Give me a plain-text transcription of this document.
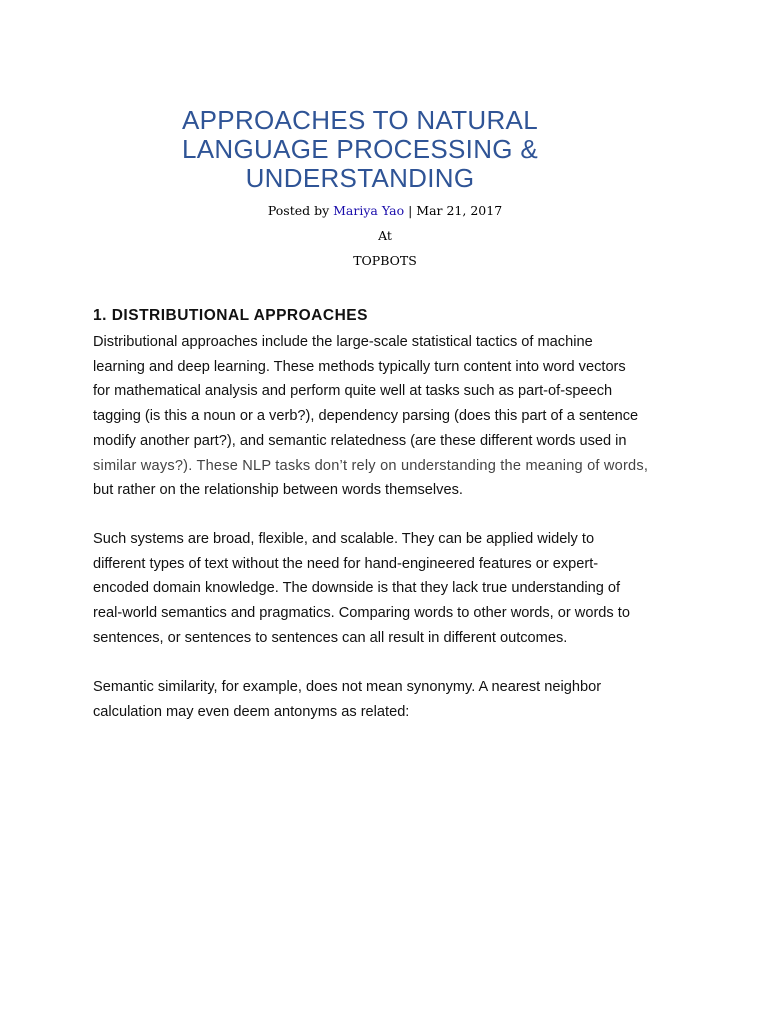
APPROACHES TO NATURAL
LANGUAGE PROCESSING &
UNDERSTANDING
Posted by Mariya Yao | Mar 21, 2017
At
TOPBOTS
1. DISTRIBUTIONAL APPROACHES
Distributional approaches include the large-scale statistical tactics of machine
learning and deep learning. These methods typically turn content into word vectors
for mathematical analysis and perform quite well at tasks such as part-of-speech
tagging (is this a noun or a verb?), dependency parsing (does this part of a sentence
modify another part?), and semantic relatedness (are these different words used in
similar ways?). These NLP tasks don’t rely on understanding the meaning of words,
but rather on the relationship between words themselves.
Such systems are broad, flexible, and scalable. They can be applied widely to
different types of text without the need for hand-engineered features or expert-
encoded domain knowledge. The downside is that they lack true understanding of
real-world semantics and pragmatics. Comparing words to other words, or words to
sentences, or sentences to sentences can all result in different outcomes.
Semantic similarity, for example, does not mean synonymy. A nearest neighbor
calculation may even deem antonyms as related:
